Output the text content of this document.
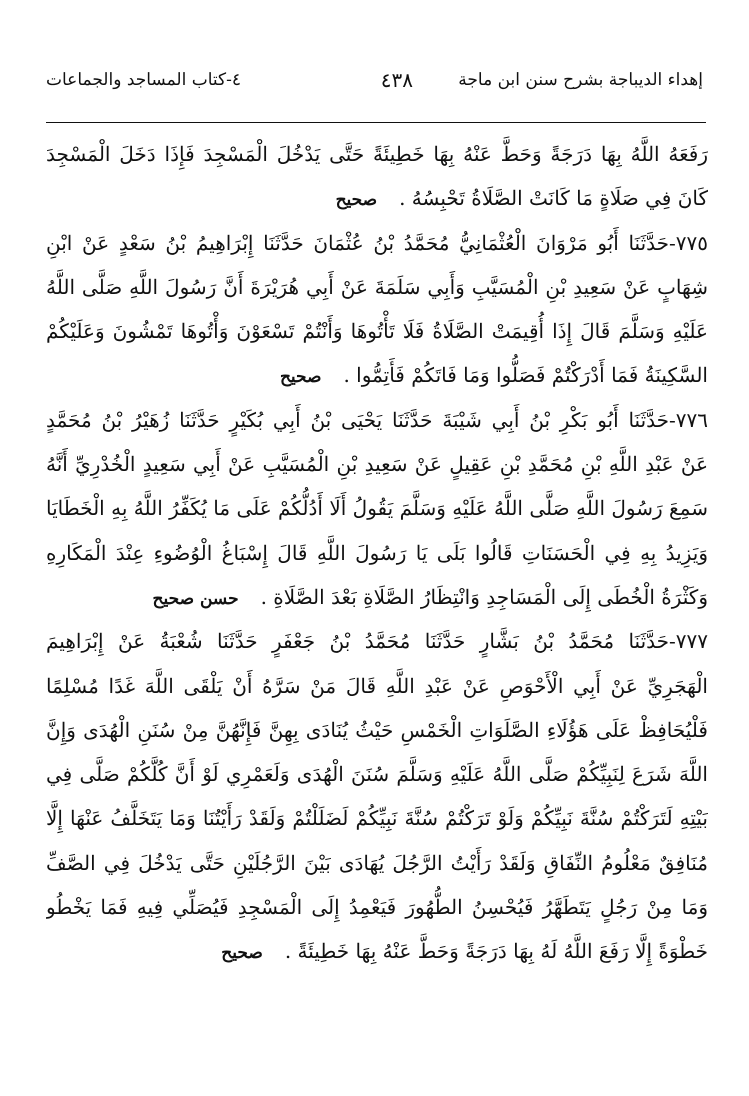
إهداء الديباجة بشرح سنن ابن ماجة
٤٣٨
٤-كتاب المساجد والجماعات
رَفَعَهُ اللَّهُ بِهَا دَرَجَةً وَحَطَّ عَنْهُ بِهَا خَطِيئَةً حَتَّى يَدْخُلَ الْمَسْجِدَ فَإِذَا دَخَلَ الْمَسْجِدَ
كَانَ فِي صَلَاةٍ مَا كَانَتْ الصَّلَاةُ تَحْبِسُهُ .صحيح
٧٧٥-حَدَّثَنَا أَبُو مَرْوَانَ الْعُثْمَانِيُّ مُحَمَّدُ بْنُ عُثْمَانَ حَدَّثَنَا إِبْرَاهِيمُ بْنُ سَعْدٍ عَنْ ابْنِ
شِهَابٍ عَنْ سَعِيدِ بْنِ الْمُسَيَّبِ وَأَبِي سَلَمَةَ عَنْ أَبِي هُرَيْرَةَ أَنَّ رَسُولَ اللَّهِ صَلَّى اللَّهُ
عَلَيْهِ وَسَلَّمَ قَالَ إِذَا أُقِيمَتْ الصَّلَاةُ فَلَا تَأْتُوهَا وَأَنْتُمْ تَسْعَوْنَ وَأْتُوهَا تَمْشُونَ وَعَلَيْكُمْ
السَّكِينَةُ فَمَا أَدْرَكْتُمْ فَصَلُّوا وَمَا فَاتَكُمْ فَأَتِمُّوا .صحيح
٧٧٦-حَدَّثَنَا أَبُو بَكْرِ بْنُ أَبِي شَيْبَةَ حَدَّثَنَا يَحْيَى بْنُ أَبِي بُكَيْرٍ حَدَّثَنَا زُهَيْرُ بْنُ مُحَمَّدٍ
عَنْ عَبْدِ اللَّهِ بْنِ مُحَمَّدِ بْنِ عَقِيلٍ عَنْ سَعِيدِ بْنِ الْمُسَيَّبِ عَنْ أَبِي سَعِيدٍ الْخُدْرِيِّ أَنَّهُ
سَمِعَ رَسُولَ اللَّهِ صَلَّى اللَّهُ عَلَيْهِ وَسَلَّمَ يَقُولُ أَلَا أَدُلُّكُمْ عَلَى مَا يُكَفِّرُ اللَّهُ بِهِ الْخَطَايَا
وَيَزِيدُ بِهِ فِي الْحَسَنَاتِ قَالُوا بَلَى يَا رَسُولَ اللَّهِ قَالَ إِسْبَاغُ الْوُضُوءِ عِنْدَ الْمَكَارِهِ
وَكَثْرَةُ الْخُطَى إِلَى الْمَسَاجِدِ وَانْتِظَارُ الصَّلَاةِ بَعْدَ الصَّلَاةِ .حسن صحيح
٧٧٧-حَدَّثَنَا مُحَمَّدُ بْنُ بَشَّارٍ حَدَّثَنَا مُحَمَّدُ بْنُ جَعْفَرٍ حَدَّثَنَا شُعْبَةُ عَنْ إِبْرَاهِيمَ
الْهَجَرِيِّ عَنْ أَبِي الْأَحْوَصِ عَنْ عَبْدِ اللَّهِ قَالَ مَنْ سَرَّهُ أَنْ يَلْقَى اللَّهَ غَدًا مُسْلِمًا
فَلْيُحَافِظْ عَلَى هَؤُلَاءِ الصَّلَوَاتِ الْخَمْسِ حَيْثُ يُنَادَى بِهِنَّ فَإِنَّهُنَّ مِنْ سُنَنِ الْهُدَى وَإِنَّ
اللَّهَ شَرَعَ لِنَبِيِّكُمْ صَلَّى اللَّهُ عَلَيْهِ وَسَلَّمَ سُنَنَ الْهُدَى وَلَعَمْرِي لَوْ أَنَّ كُلَّكُمْ صَلَّى فِي
بَيْتِهِ لَتَرَكْتُمْ سُنَّةَ نَبِيِّكُمْ وَلَوْ تَرَكْتُمْ سُنَّةَ نَبِيِّكُمْ لَضَلَلْتُمْ وَلَقَدْ رَأَيْتُنَا وَمَا يَتَخَلَّفُ عَنْهَا إِلَّا
مُنَافِقٌ مَعْلُومُ النِّفَاقِ وَلَقَدْ رَأَيْتُ الرَّجُلَ يُهَادَى بَيْنَ الرَّجُلَيْنِ حَتَّى يَدْخُلَ فِي الصَّفِّ
وَمَا مِنْ رَجُلٍ يَتَطَهَّرُ فَيُحْسِنُ الطُّهُورَ فَيَعْمِدُ إِلَى الْمَسْجِدِ فَيُصَلِّي فِيهِ فَمَا يَخْطُو
خَطْوَةً إِلَّا رَفَعَ اللَّهُ لَهُ بِهَا دَرَجَةً وَحَطَّ عَنْهُ بِهَا خَطِيئَةً .صحيح
